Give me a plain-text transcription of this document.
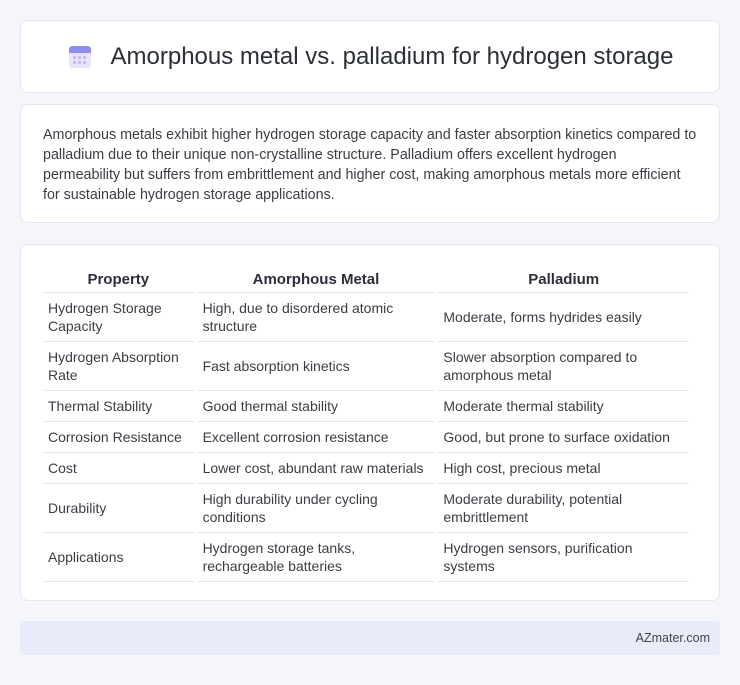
Amorphous metal vs. palladium for hydrogen storage

Amorphous metals exhibit higher hydrogen storage capacity and faster absorption kinetics compared to palladium due to their unique non-crystalline structure. Palladium offers excellent hydrogen permeability but suffers from embrittlement and higher cost, making amorphous metals more efficient for sustainable hydrogen storage applications.

Property	Amorphous Metal	Palladium
Hydrogen Storage Capacity	High, due to disordered atomic structure	Moderate, forms hydrides easily
Hydrogen Absorption Rate	Fast absorption kinetics	Slower absorption compared to amorphous metal
Thermal Stability	Good thermal stability	Moderate thermal stability
Corrosion Resistance	Excellent corrosion resistance	Good, but prone to surface oxidation
Cost	Lower cost, abundant raw materials	High cost, precious metal
Durability	High durability under cycling conditions	Moderate durability, potential embrittlement
Applications	Hydrogen storage tanks, rechargeable batteries	Hydrogen sensors, purification systems
AZmater.com
